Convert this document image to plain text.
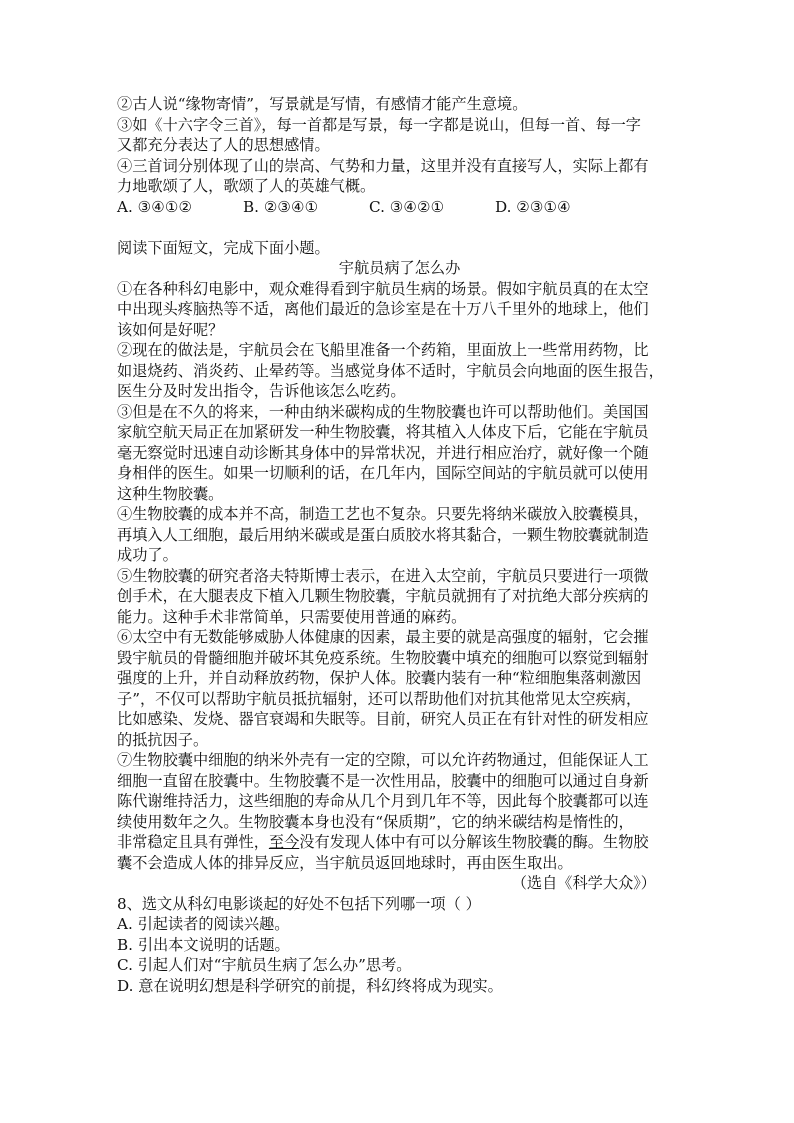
②古人说“缘物寄情”，写景就是写情，有感情才能产生意境。
③如《十六字令三首》，每一首都是写景，每一字都是说山，但每一首、每一字
又都充分表达了人的思想感情。
④三首词分别体现了山的崇高、气势和力量，这里并没有直接写人，实际上都有
力地歌颂了人，歌颂了人的英雄气概。
A. ③④①②	B. ②③④①	C. ③④②①	D. ②③①④
阅读下面短文，完成下面小题。
宇航员病了怎么办
①在各种科幻电影中，观众难得看到宇航员生病的场景。假如宇航员真的在太空
中出现头疼脑热等不适，离他们最近的急诊室是在十万八千里外的地球上，他们
该如何是好呢？
②现在的做法是，宇航员会在飞船里准备一个药箱，里面放上一些常用药物，比
如退烧药、消炎药、止晕药等。当感觉身体不适时，宇航员会向地面的医生报告，
医生分及时发出指令，告诉他该怎么吃药。
③但是在不久的将来，一种由纳米碳构成的生物胶囊也许可以帮助他们。美国国
家航空航天局正在加紧研发一种生物胶囊，将其植入人体皮下后，它能在宇航员
毫无察觉时迅速自动诊断其身体中的异常状况，并进行相应治疗，就好像一个随
身相伴的医生。如果一切顺利的话，在几年内，国际空间站的宇航员就可以使用
这种生物胶囊。
④生物胶囊的成本并不高，制造工艺也不复杂。只要先将纳米碳放入胶囊模具，
再填入人工细胞，最后用纳米碳或是蛋白质胶水将其黏合，一颗生物胶囊就制造
成功了。
⑤生物胶囊的研究者洛夫特斯博士表示，在进入太空前，宇航员只要进行一项微
创手术，在大腿表皮下植入几颗生物胶囊，宇航员就拥有了对抗绝大部分疾病的
能力。这种手术非常简单，只需要使用普通的麻药。
⑥太空中有无数能够威胁人体健康的因素，最主要的就是高强度的辐射，它会摧
毁宇航员的骨髓细胞并破坏其免疫系统。生物胶囊中填充的细胞可以察觉到辐射
强度的上升，并自动释放药物，保护人体。胶囊内装有一种“粒细胞集落刺激因
子”，不仅可以帮助宇航员抵抗辐射，还可以帮助他们对抗其他常见太空疾病，
比如感染、发烧、器官衰竭和失眠等。目前，研究人员正在有针对性的研发相应
的抵抗因子。
⑦生物胶囊中细胞的纳米外壳有一定的空隙，可以允许药物通过，但能保证人工
细胞一直留在胶囊中。生物胶囊不是一次性用品，胶囊中的细胞可以通过自身新
陈代谢维持活力，这些细胞的寿命从几个月到几年不等，因此每个胶囊都可以连
续使用数年之久。生物胶囊本身也没有“保质期”，它的纳米碳结构是惰性的，
非常稳定且具有弹性，至今没有发现人体中有可以分解该生物胶囊的酶。生物胶
囊不会造成人体的排异反应，当宇航员返回地球时，再由医生取出。
（选自《科学大众》）
8、选文从科幻电影谈起的好处不包括下列哪一项（ ）
A. 引起读者的阅读兴趣。
B. 引出本文说明的话题。
C. 引起人们对“宇航员生病了怎么办”思考。
D. 意在说明幻想是科学研究的前提，科幻终将成为现实。
